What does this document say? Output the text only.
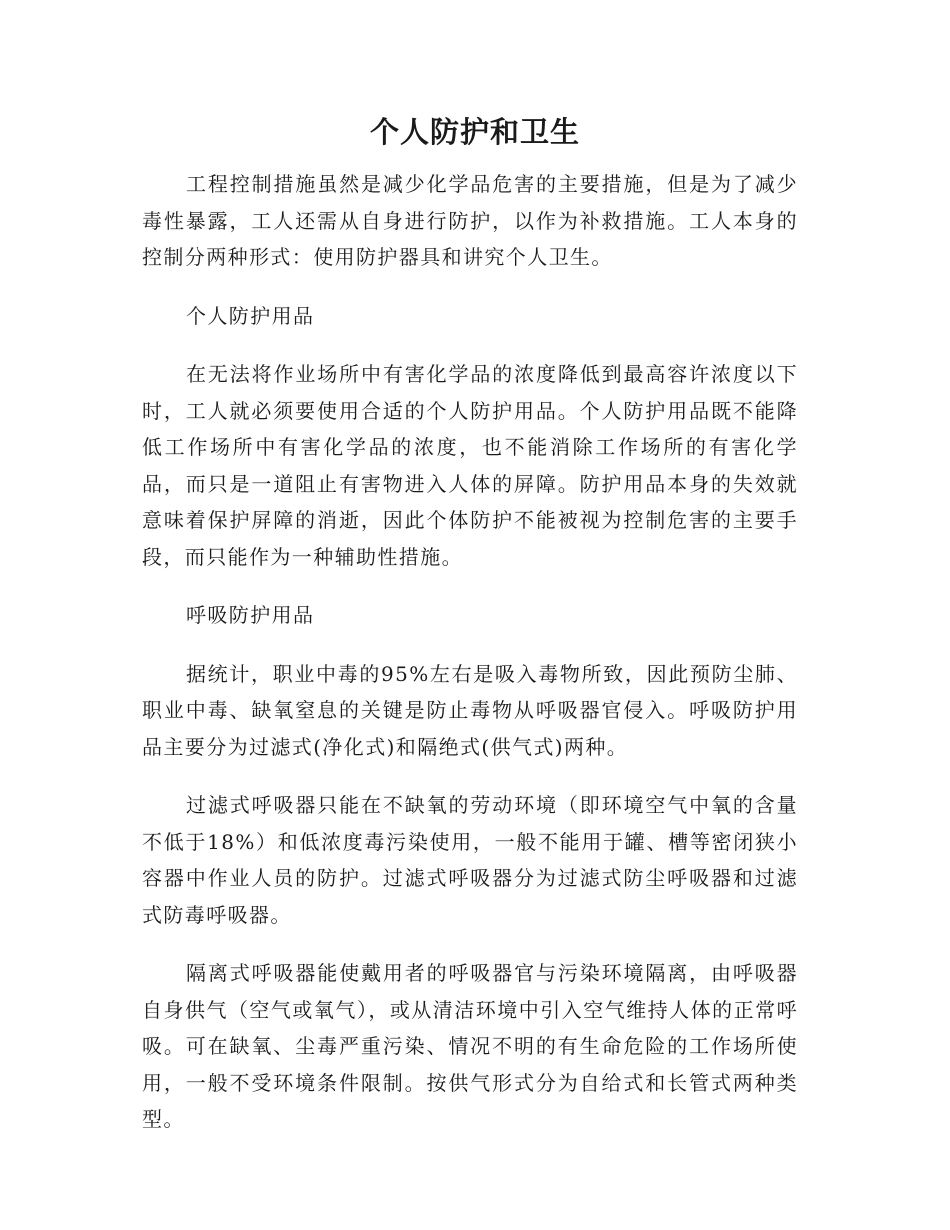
个人防护和卫生

工程控制措施虽然是减少化学品危害的主要措施，但是为了减少毒性暴露，工人还需从自身进行防护，以作为补救措施。工人本身的控制分两种形式：使用防护器具和讲究个人卫生。

个人防护用品

在无法将作业场所中有害化学品的浓度降低到最高容许浓度以下时，工人就必须要使用合适的个人防护用品。个人防护用品既不能降低工作场所中有害化学品的浓度，也不能消除工作场所的有害化学品，而只是一道阻止有害物进入人体的屏障。防护用品本身的失效就意味着保护屏障的消逝，因此个体防护不能被视为控制危害的主要手段，而只能作为一种辅助性措施。

呼吸防护用品

据统计，职业中毒的95%左右是吸入毒物所致，因此预防尘肺、职业中毒、缺氧窒息的关键是防止毒物从呼吸器官侵入。呼吸防护用品主要分为过滤式(净化式)和隔绝式(供气式)两种。

过滤式呼吸器只能在不缺氧的劳动环境（即环境空气中氧的含量不低于18%）和低浓度毒污染使用，一般不能用于罐、槽等密闭狭小容器中作业人员的防护。过滤式呼吸器分为过滤式防尘呼吸器和过滤式防毒呼吸器。

隔离式呼吸器能使戴用者的呼吸器官与污染环境隔离，由呼吸器自身供气（空气或氧气），或从清洁环境中引入空气维持人体的正常呼吸。可在缺氧、尘毒严重污染、情况不明的有生命危险的工作场所使用，一般不受环境条件限制。按供气形式分为自给式和长管式两种类型。
